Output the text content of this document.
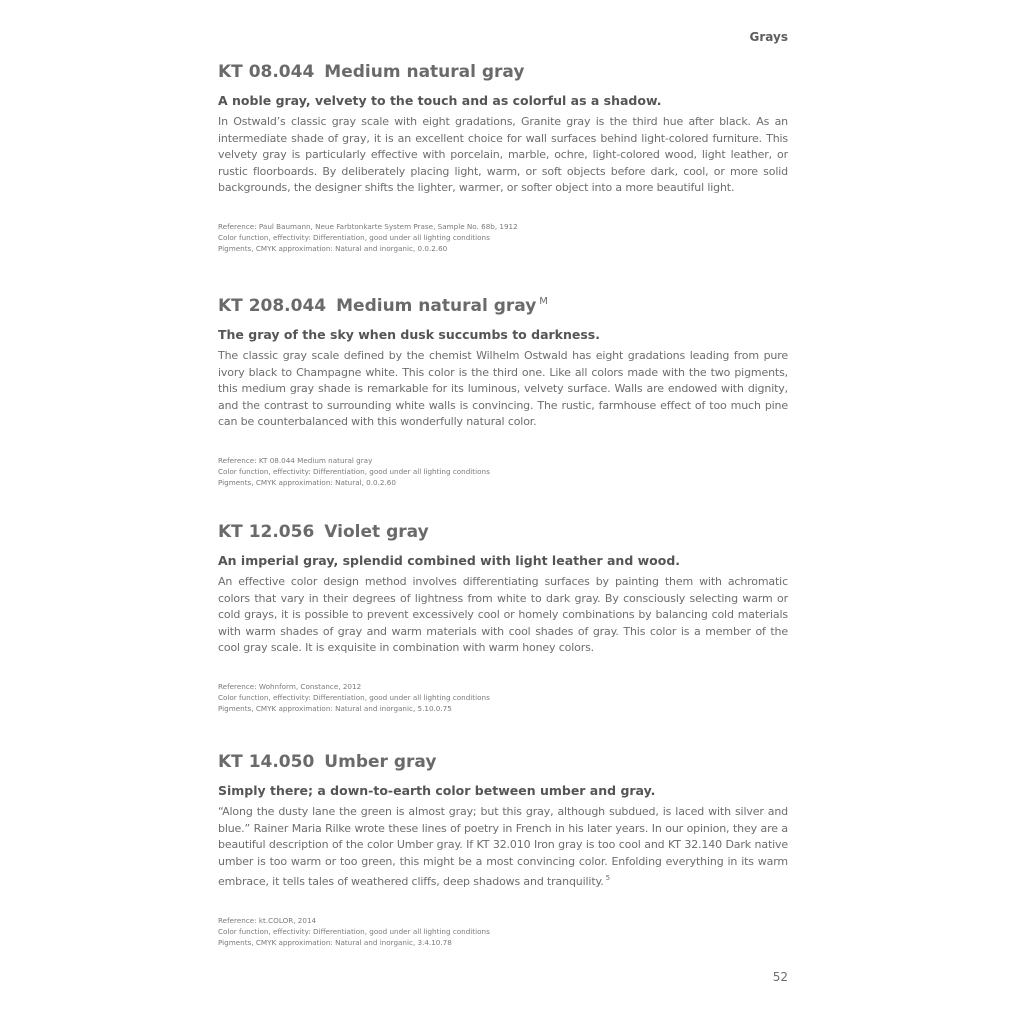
Grays
KT 08.044 Medium natural gray
A noble gray, velvety to the touch and as colorful as a shadow.

In Ostwald’s classic gray scale with eight gradations, Granite gray is the third hue after black. As an intermediate shade of gray, it is an excellent choice for wall surfaces behind light-colored furniture. This velvety gray is particularly effective with porcelain, marble, ochre, light-colored wood, light leather, or rustic floorboards. By deliberately placing light, warm, or soft objects before dark, cool, or more solid backgrounds, the designer shifts the lighter, warmer, or softer object into a more beautiful light.

Reference: Paul Baumann, Neue Farbtonkarte System Prase, Sample No. 68b, 1912
Color function, effectivity: Differentiation, good under all lighting conditions
Pigments, CMYK approximation: Natural and inorganic, 0.0.2.60
KT 208.044 Medium natural gray $^M$
The gray of the sky when dusk succumbs to darkness.

The classic gray scale defined by the chemist Wilhelm Ostwald has eight gradations leading from pure ivory black to Champagne white. This color is the third one. Like all colors made with the two pigments, this medium gray shade is remarkable for its luminous, velvety surface. Walls are endowed with dignity, and the contrast to surrounding white walls is convincing. The rustic, farmhouse effect of too much pine can be counterbalanced with this wonderfully natural color.

Reference: KT 08.044 Medium natural gray
Color function, effectivity: Differentiation, good under all lighting conditions
Pigments, CMYK approximation: Natural, 0.0.2.60
KT 12.056 Violet gray
An imperial gray, splendid combined with light leather and wood.

An effective color design method involves differentiating surfaces by painting them with achromatic colors that vary in their degrees of lightness from white to dark gray. By consciously selecting warm or cold grays, it is possible to prevent excessively cool or homely combinations by balancing cold materials with warm shades of gray and warm materials with cool shades of gray. This color is a member of the cool gray scale. It is exquisite in combination with warm honey colors.

Reference: Wohnform, Constance, 2012
Color function, effectivity: Differentiation, good under all lighting conditions
Pigments, CMYK approximation: Natural and inorganic, 5.10.0.75
KT 14.050 Umber gray
Simply there; a down-to-earth color between umber and gray.

“Along the dusty lane the green is almost gray; but this gray, although subdued, is laced with silver and blue.” Rainer Maria Rilke wrote these lines of poetry in French in his later years. In our opinion, they are a beautiful description of the color Umber gray. If KT 32.010 Iron gray is too cool and KT 32.140 Dark native umber is too warm or too green, this might be a most convincing color. Enfolding everything in its warm embrace, it tells tales of weathered cliffs, deep shadows and tranquility. $^5$

Reference: kt.COLOR, 2014
Color function, effectivity: Differentiation, good under all lighting conditions
Pigments, CMYK approximation: Natural and inorganic, 3.4.10.78
52
